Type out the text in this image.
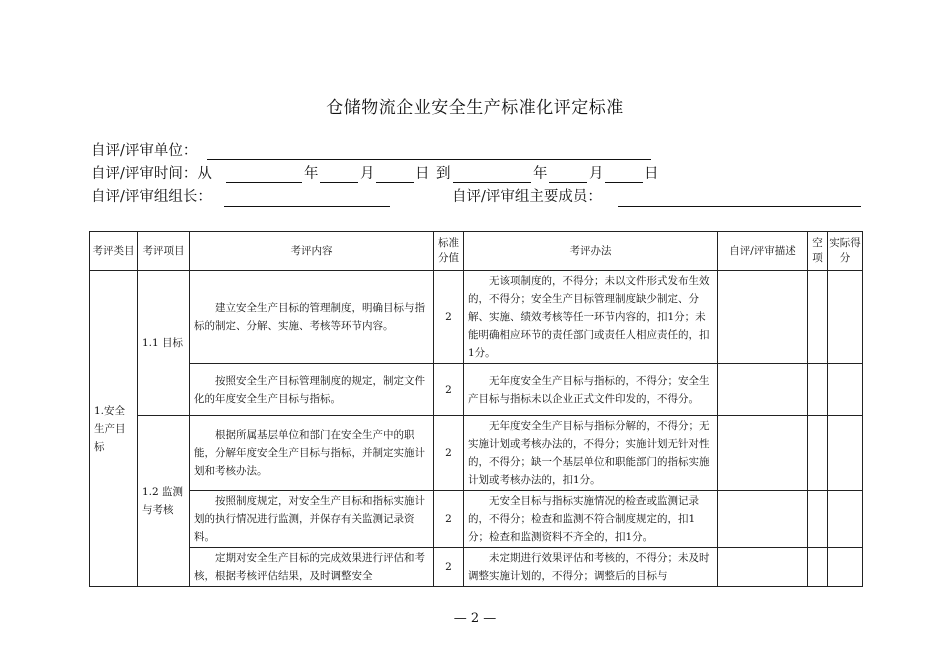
仓储物流企业安全生产标准化评定标准
自评/评审单位：
自评/评审时间：从	年	月	日 到	年	月	日
自评/评审组组长：	自评/评审组主要成员：
考评类目	考评项目	考评内容	标准分值	考评办法	自评/评审描述	空项	实际得分
1.安全生产目标	1.1 目标	建立安全生产目标的管理制度，明确目标与指标的制定、分解、实施、考核等环节内容。	2	无该项制度的，不得分；未以文件形式发布生效的，不得分；安全生产目标管理制度缺少制定、分解、实施、绩效考核等任一环节内容的，扣1分；未能明确相应环节的责任部门或责任人相应责任的，扣1分。			

		按照安全生产目标管理制度的规定，制定文件化的年度安全生产目标与指标。	2	无年度安全生产目标与指标的，不得分；安全生产目标与指标未以企业正式文件印发的，不得分。			

	1.2 监测与考核	根据所属基层单位和部门在安全生产中的职能，分解年度安全生产目标与指标，并制定实施计划和考核办法。	2	无年度安全生产目标与指标分解的，不得分；无实施计划或考核办法的，不得分；实施计划无针对性的，不得分；缺一个基层单位和职能部门的指标实施计划或考核办法的，扣1分。			

		按照制度规定，对安全生产目标和指标实施计划的执行情况进行监测，并保存有关监测记录资料。	2	无安全目标与指标实施情况的检查或监测记录的，不得分；检查和监测不符合制度规定的，扣1分；检查和监测资料不齐全的，扣1分。			

		定期对安全生产目标的完成效果进行评估和考核，根据考核评估结果，及时调整安全	2	未定期进行效果评估和考核的，不得分；未及时调整实施计划的，不得分；调整后的目标与			

— 2 —
